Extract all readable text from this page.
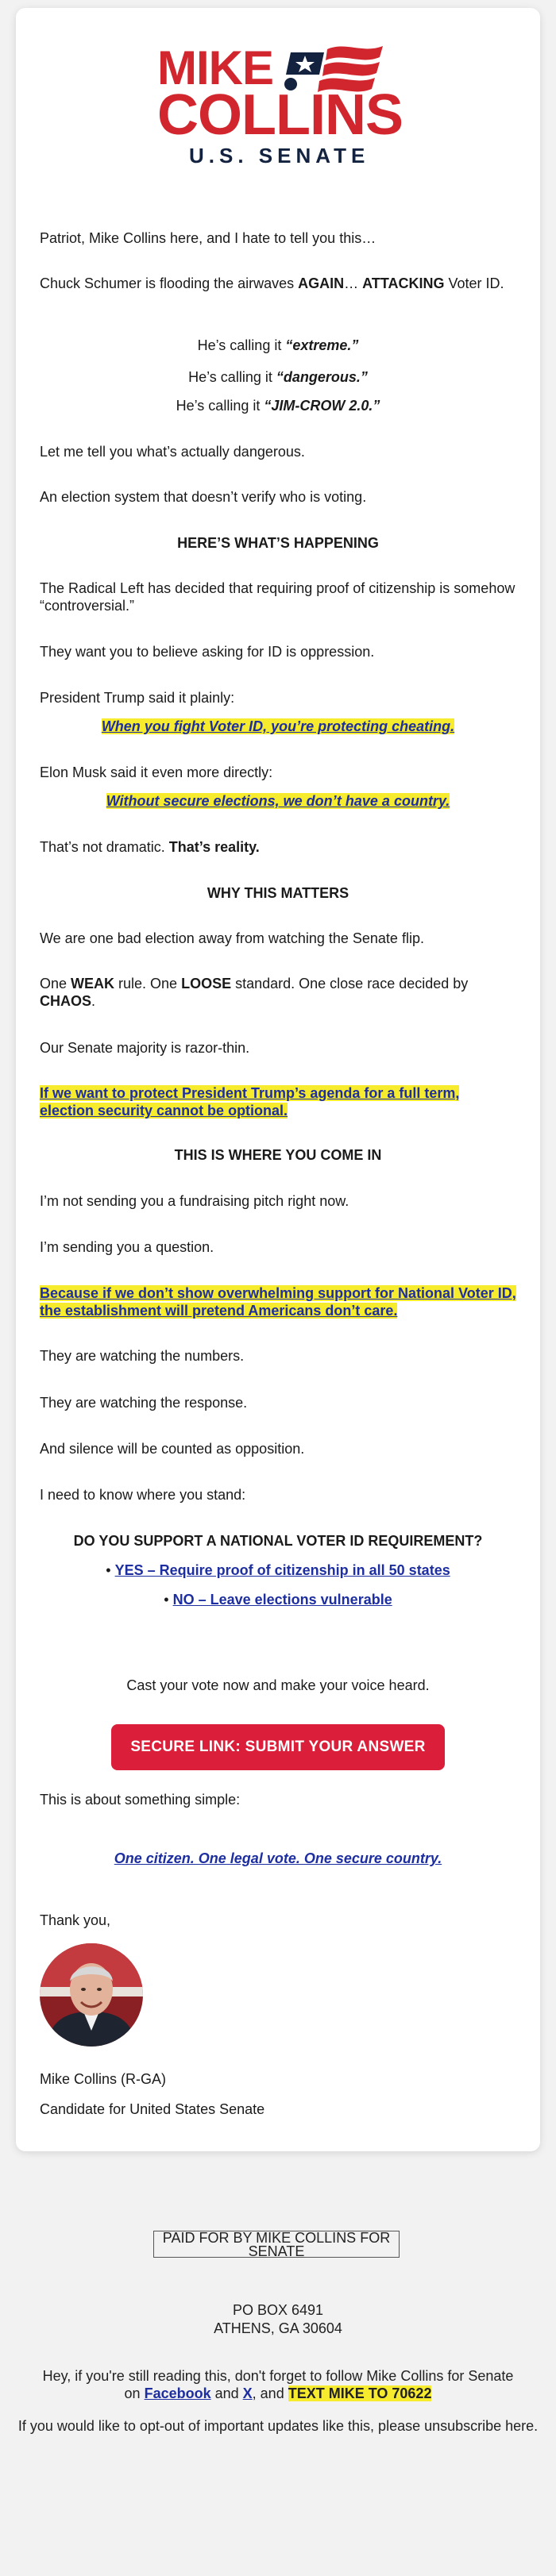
MIKE
COLLINS
U.S. SENATE

Patriot, Mike Collins here, and I hate to tell you this…

Chuck Schumer is flooding the airwaves AGAIN… ATTACKING Voter ID.

He’s calling it “extreme.”

He’s calling it “dangerous.”

He’s calling it “JIM-CROW 2.0.”

Let me tell you what’s actually dangerous.

An election system that doesn’t verify who is voting.

HERE’S WHAT’S HAPPENING

The Radical Left has decided that requiring proof of citizenship is somehow “controversial.”

They want you to believe asking for ID is oppression.

President Trump said it plainly:

When you fight Voter ID, you’re protecting cheating.

Elon Musk said it even more directly:

Without secure elections, we don’t have a country.

That’s not dramatic. That’s reality.

WHY THIS MATTERS

We are one bad election away from watching the Senate flip.

One WEAK rule. One LOOSE standard. One close race decided by CHAOS.

Our Senate majority is razor-thin.

If we want to protect President Trump’s agenda for a full term, election security cannot be optional.

THIS IS WHERE YOU COME IN

I’m not sending you a fundraising pitch right now.

I’m sending you a question.

Because if we don’t show overwhelming support for National Voter ID, the establishment will pretend Americans don’t care.

They are watching the numbers.

They are watching the response.

And silence will be counted as opposition.

I need to know where you stand:

DO YOU SUPPORT A NATIONAL VOTER ID REQUIREMENT?

• YES – Require proof of citizenship in all 50 states

• NO – Leave elections vulnerable

Cast your vote now and make your voice heard.

SECURE LINK: SUBMIT YOUR ANSWER

This is about something simple:

One citizen. One legal vote. One secure country.

Thank you,

Mike Collins (R-GA)

Candidate for United States Senate

PAID FOR BY MIKE COLLINS FOR SENATE
PO BOX 6491
ATHENS, GA 30604
Hey, if you're still reading this, don't forget to follow Mike Collins for Senate
on Facebook and X, and TEXT MIKE TO 70622
If you would like to opt-out of important updates like this, please unsubscribe here.
